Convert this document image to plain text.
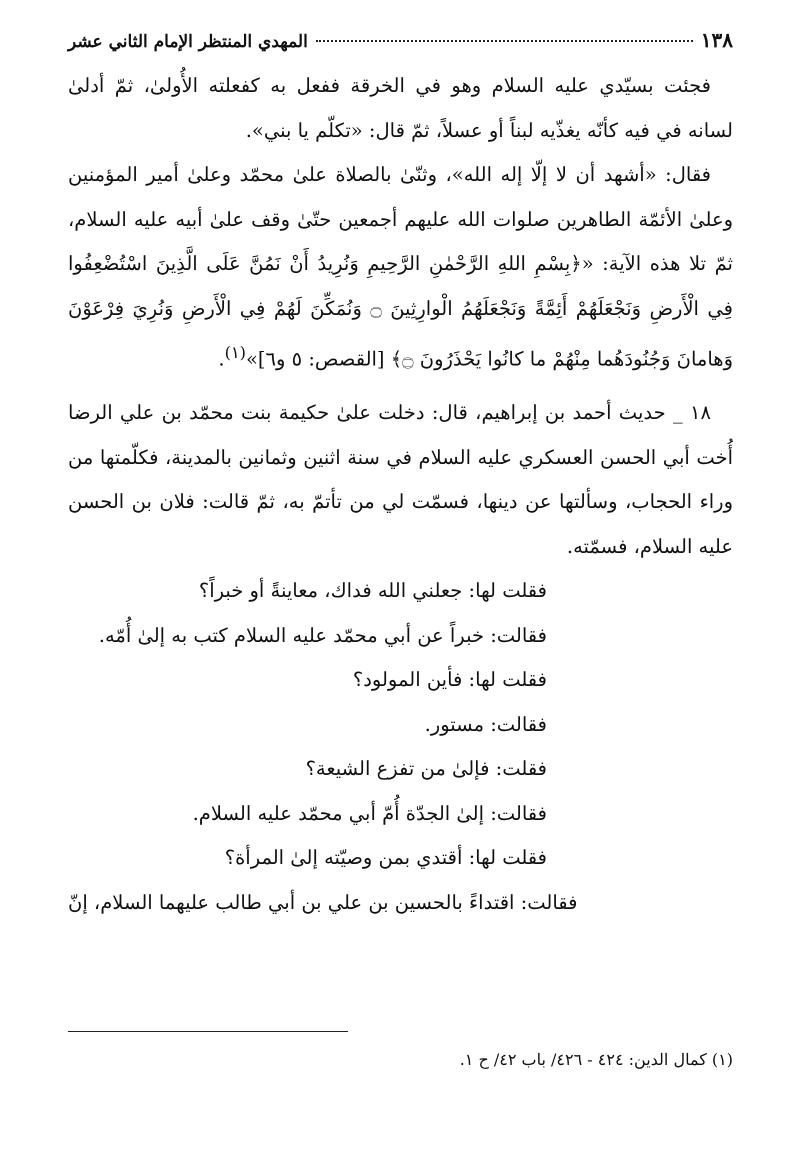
١٣٨
المهدي المنتظر الإمام الثاني عشر

فجئت بسيّدي عليه السلام وهو في الخرقة ففعل به كفعلته الأُولىٰ، ثمّ أدلىٰ لسانه في فيه كأنّه يغذّيه لبناً أو عسلاً، ثمّ قال: «تكلّم يا بني».

فقال: «أشهد أن لا إلّا إله الله»، وثنّىٰ بالصلاة علىٰ محمّد وعلىٰ أمير المؤمنين وعلىٰ الأئمّة الطاهرين صلوات الله عليهم أجمعين حتّىٰ وقف علىٰ أبيه عليه السلام، ثمّ تلا هذه الآية: «﴿بِسْمِ اللهِ الرَّحْمٰنِ الرَّحِيمِ وَنُرِيدُ أَنْ نَمُنَّ عَلَى الَّذِينَ اسْتُضْعِفُوا فِي الْأَرضِ وَنَجْعَلَهُمْ أَئِمَّةً وَنَجْعَلَهُمُ الْوارِثِينَ ۝ وَنُمَكِّنَ لَهُمْ فِي الْأَرضِ وَنُرِيَ فِرْعَوْنَ وَهامانَ وَجُنُودَهُما مِنْهُمْ ما كانُوا يَحْذَرُونَ ۝﴾ [القصص: ٥ و٦]»$^{(١)}$.

١٨ _ حديث أحمد بن إبراهيم، قال: دخلت علىٰ حكيمة بنت محمّد بن علي الرضا أُخت أبي الحسن العسكري عليه السلام في سنة اثنين وثمانين بالمدينة، فكلّمتها من وراء الحجاب، وسألتها عن دينها، فسمّت لي من تأتمّ به، ثمّ قالت: فلان بن الحسن عليه السلام، فسمّته.

فقلت لها: جعلني الله فداك، معاينةً أو خبراً؟

فقالت: خبراً عن أبي محمّد عليه السلام كتب به إلىٰ أُمّه.

فقلت لها: فأين المولود؟

فقالت: مستور.

فقلت: فإلىٰ من تفزع الشيعة؟

فقالت: إلىٰ الجدّة أُمّ أبي محمّد عليه السلام.

فقلت لها: أقتدي بمن وصيّته إلىٰ المرأة؟

فقالت: اقتداءً بالحسين بن علي بن أبي طالب عليهما السلام، إنّ

(١) كمال الدين: ٤٢٤ - ٤٢٦/ باب ٤٢/ ح ١.
